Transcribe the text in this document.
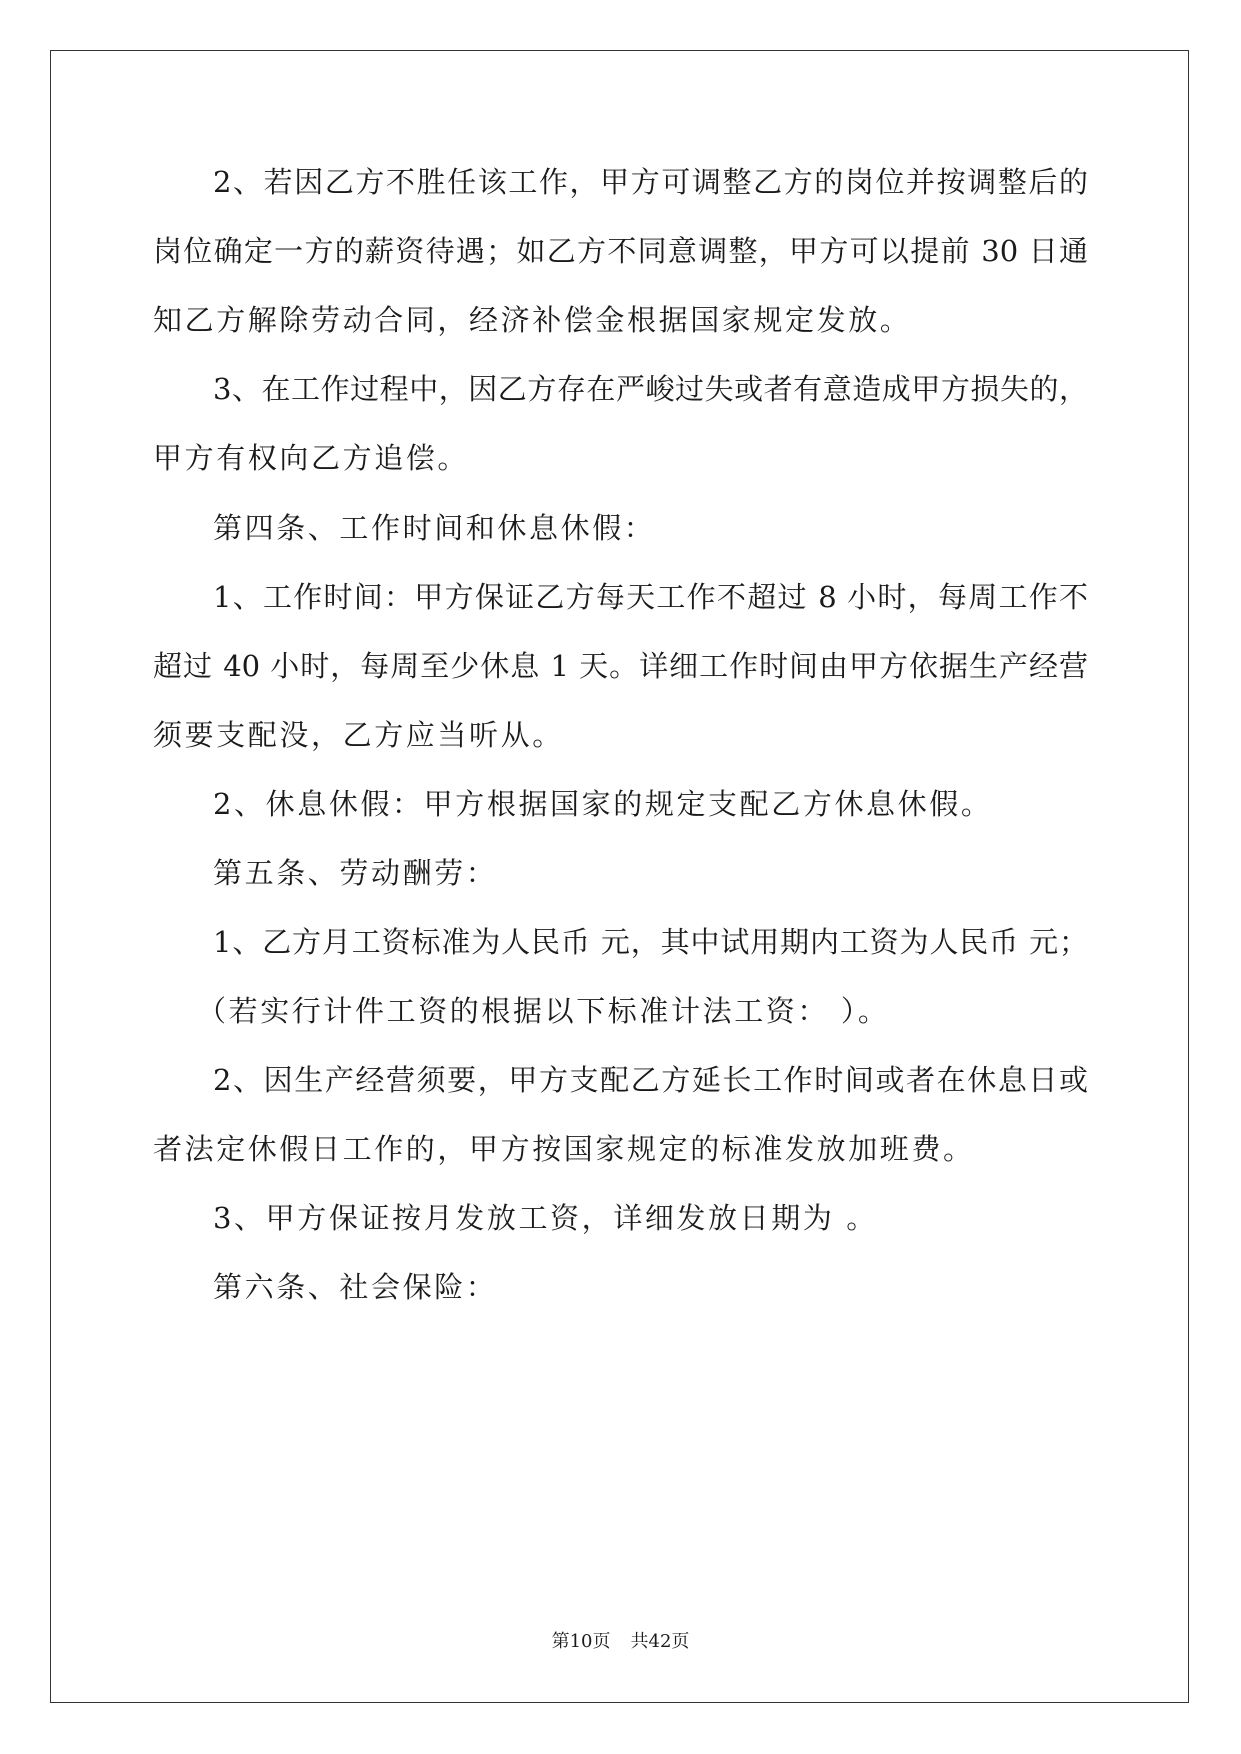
2、若因乙方不胜任该工作，甲方可调整乙方的岗位并按调整后的
岗位确定一方的薪资待遇；如乙方不同意调整，甲方可以提前 30 日通
知乙方解除劳动合同，经济补偿金根据国家规定发放。
3、在工作过程中，因乙方存在严峻过失或者有意造成甲方损失的，
甲方有权向乙方追偿。
第四条、工作时间和休息休假：
1、工作时间：甲方保证乙方每天工作不超过 8 小时，每周工作不
超过 40 小时，每周至少休息 1 天。详细工作时间由甲方依据生产经营
须要支配没，乙方应当听从。
2、休息休假：甲方根据国家的规定支配乙方休息休假。
第五条、劳动酬劳：
1、乙方月工资标准为人民币 元，其中试用期内工资为人民币 元；
（若实行计件工资的根据以下标准计法工资： ）。
2、因生产经营须要，甲方支配乙方延长工作时间或者在休息日或
者法定休假日工作的，甲方按国家规定的标准发放加班费。
3、甲方保证按月发放工资，详细发放日期为 。
第六条、社会保险：
第10页 共42页
